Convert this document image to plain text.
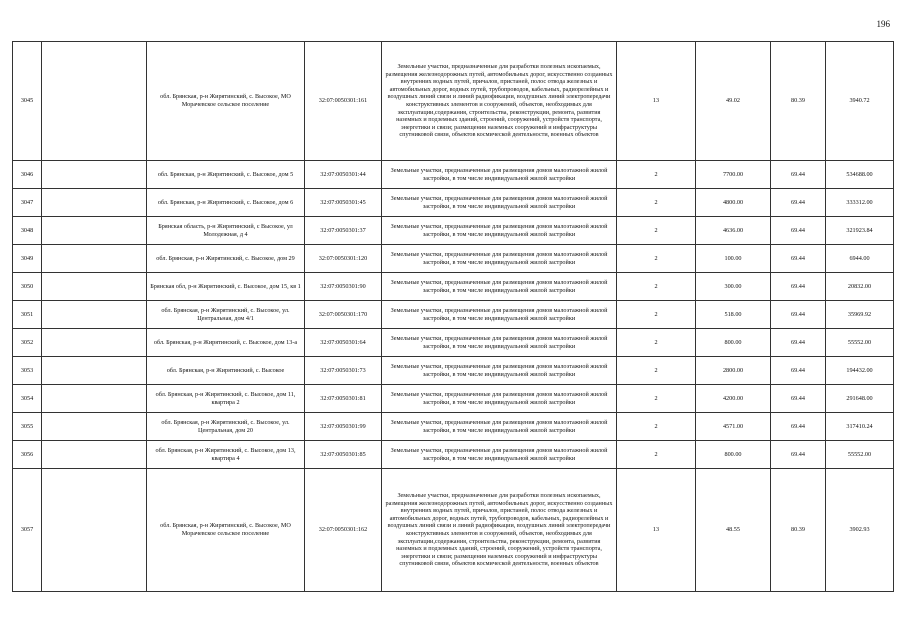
196
3045		обл. Брянская, р-н Жирятинский, с. Высокое, МО Морачевское сельское поселение	32:07:0050301:161	Земельные участки, предназначенные для разработки полезных ископаемых, размещения железнодорожных путей, автомобильных дорог, искусственно созданных внутренних водных путей, причалов, пристаней, полос отвода железных и автомобильных дорог, водных путей, трубопроводов, кабельных, радиорелейных и воздушных линий связи и линий радиофикации, воздушных линий электропередачи конструктивных элементов и сооружений, объектов, необходимых для эксплуатации,содержания, строительства, реконструкции, ремонта, развития наземных и подземных зданий, строений, сооружений, устройств транспорта, энергетики и связи; размещения наземных сооружений и инфраструктуры спутниковой связи, объектов космической деятельности, военных объектов	13	49.02	80.39	3940.72
3046		обл. Брянская, р-н Жирятинский, с. Высокое, дом 5	32:07:0050301:44	Земельные участки, предназначенные для размещения домов малоэтажной жилой застройки, в том числе индивидуальной жилой застройки	2	7700.00	69.44	534688.00
3047		обл. Брянская, р-н Жирятинский, с. Высокое, дом 6	32:07:0050301:45	Земельные участки, предназначенные для размещения домов малоэтажной жилой застройки, в том числе индивидуальной жилой застройки	2	4800.00	69.44	333312.00
3048		Брянская область, р-н Жирятинский, с Высокое, ул Молодежная, д 4	32:07:0050301:37	Земельные участки, предназначенные для размещения домов малоэтажной жилой застройки, в том числе индивидуальной жилой застройки	2	4636.00	69.44	321923.84
3049		обл. Брянская, р-н Жирятинский, с. Высокое, дом 29	32:07:0050301:120	Земельные участки, предназначенные для размещения домов малоэтажной жилой застройки, в том числе индивидуальной жилой застройки	2	100.00	69.44	6944.00
3050		Брянская обл, р-н Жирятинский, с. Высокое, дом 15, кв 1	32:07:0050301:90	Земельные участки, предназначенные для размещения домов малоэтажной жилой застройки, в том числе индивидуальной жилой застройки	2	300.00	69.44	20832.00
3051		обл. Брянская, р-н Жирятинский, с. Высокое, ул. Центральная, дом 4/1	32:07:0050301:170	Земельные участки, предназначенные для размещения домов малоэтажной жилой застройки, в том числе индивидуальной жилой застройки	2	518.00	69.44	35969.92
3052		обл. Брянская, р-н Жирятинский, с. Высокое, дом 13-а	32:07:0050301:64	Земельные участки, предназначенные для размещения домов малоэтажной жилой застройки, в том числе индивидуальной жилой застройки	2	800.00	69.44	55552.00
3053		обл. Брянская, р-н Жирятинский, с. Высокое	32:07:0050301:73	Земельные участки, предназначенные для размещения домов малоэтажной жилой застройки, в том числе индивидуальной жилой застройки	2	2800.00	69.44	194432.00
3054		обл. Брянская, р-н Жирятинский, с. Высокое, дом 11, квартира 2	32:07:0050301:81	Земельные участки, предназначенные для размещения домов малоэтажной жилой застройки, в том числе индивидуальной жилой застройки	2	4200.00	69.44	291648.00
3055		обл. Брянская, р-н Жирятинский, с. Высокое, ул. Центральная, дом 20	32:07:0050301:99	Земельные участки, предназначенные для размещения домов малоэтажной жилой застройки, в том числе индивидуальной жилой застройки	2	4571.00	69.44	317410.24
3056		обл. Брянская, р-н Жирятинский, с. Высокое, дом 13, квартира 4	32:07:0050301:85	Земельные участки, предназначенные для размещения домов малоэтажной жилой застройки, в том числе индивидуальной жилой застройки	2	800.00	69.44	55552.00
3057		обл. Брянская, р-н Жирятинский, с. Высокое, МО Морачевское сельское поселение	32:07:0050301:162	Земельные участки, предназначенные для разработки полезных ископаемых, размещения железнодорожных путей, автомобильных дорог, искусственно созданных внутренних водных путей, причалов, пристаней, полос отвода железных и автомобильных дорог, водных путей, трубопроводов, кабельных, радиорелейных и воздушных линий связи и линий радиофикации, воздушных линий электропередачи конструктивных элементов и сооружений, объектов, необходимых для эксплуатации,содержания, строительства, реконструкции, ремонта, развития наземных и подземных зданий, строений, сооружений, устройств транспорта, энергетики и связи; размещения наземных сооружений и инфраструктуры спутниковой связи, объектов космической деятельности, военных объектов	13	48.55	80.39	3902.93
